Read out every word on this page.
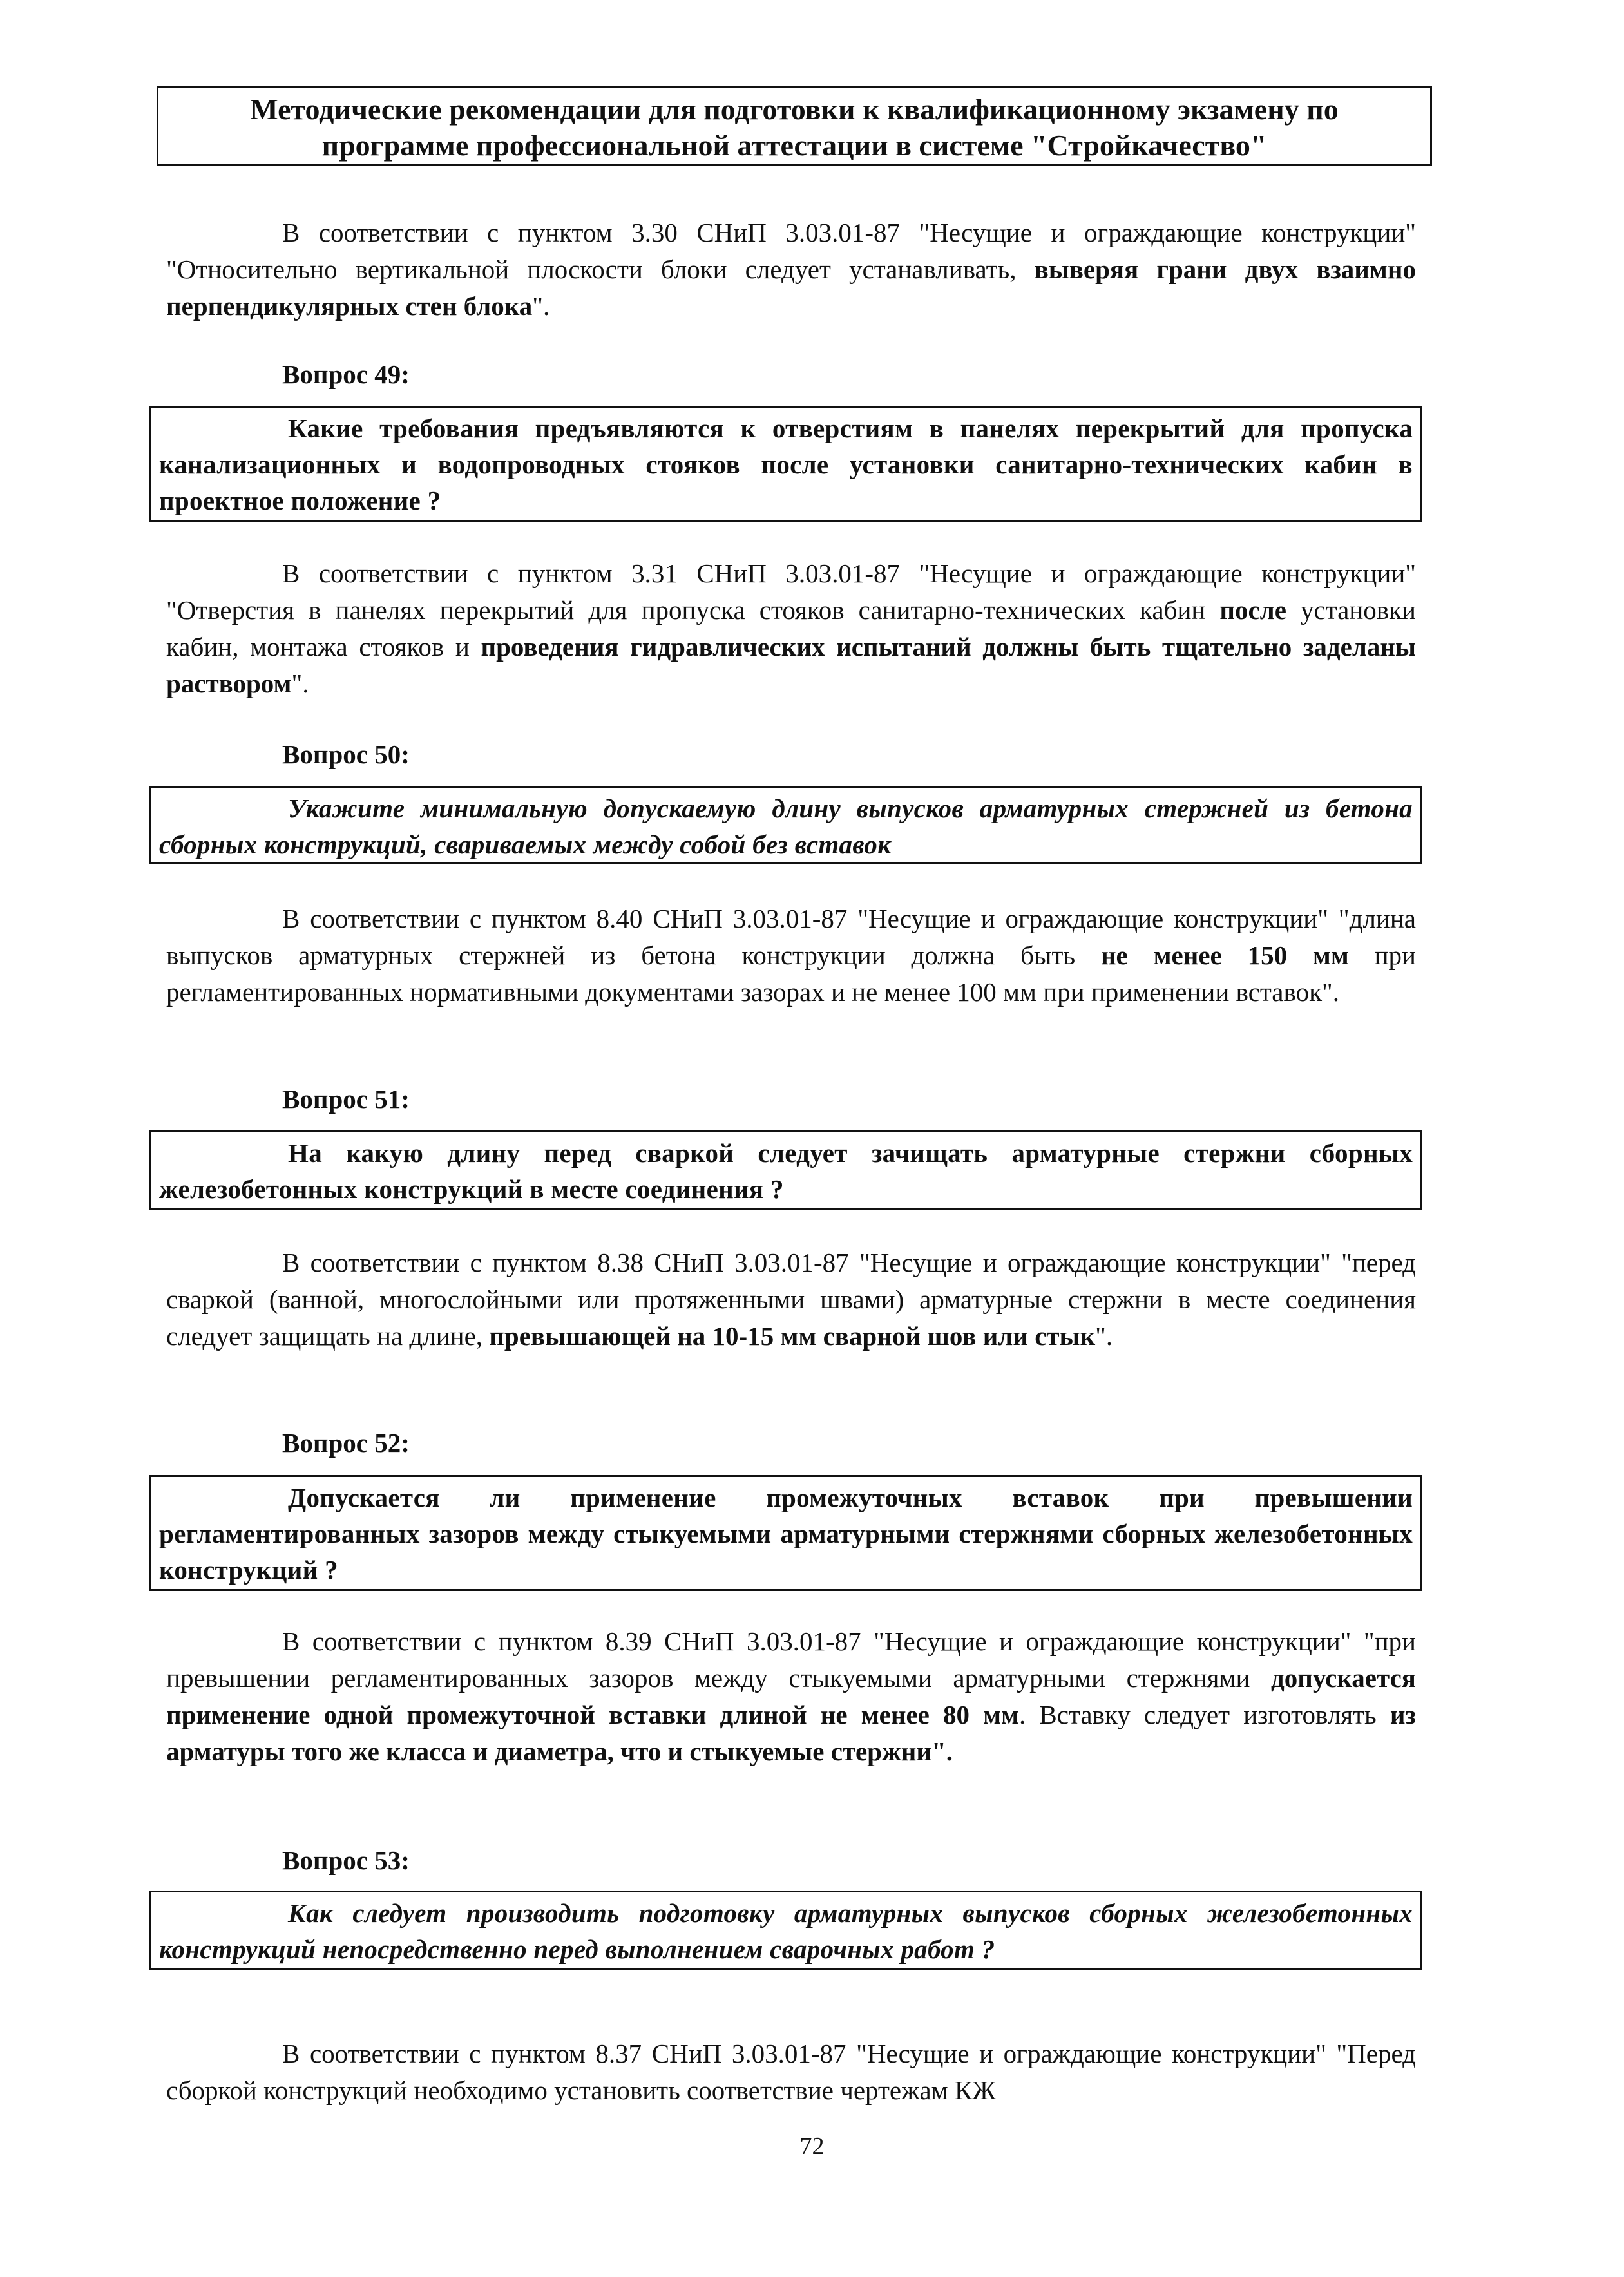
Методические рекомендации для подготовки к квалификационному экзамену по
программе профессиональной аттестации в системе "Стройкачество"
В соответствии с пунктом 3.30 СНиП 3.03.01-87 "Несущие и ограждающие конструкции" "Относительно вертикальной плоскости блоки следует устанавливать, выверяя грани двух взаимно перпендикулярных стен блока".
Вопрос 49:
Какие требования предъявляются к отверстиям в панелях перекрытий для пропуска канализационных и водопроводных стояков после установки санитарно-технических кабин в проектное положение ?
В соответствии с пунктом 3.31 СНиП 3.03.01-87 "Несущие и ограждающие конструкции" "Отверстия в панелях перекрытий для пропуска стояков санитарно-технических кабин после установки кабин, монтажа стояков и проведения гидравлических испытаний должны быть тщательно заделаны раствором".
Вопрос 50:
Укажите минимальную допускаемую длину выпусков арматурных стержней из бетона сборных конструкций, свариваемых между собой без вставок
В соответствии с пунктом 8.40 СНиП 3.03.01-87 "Несущие и ограждающие конструкции" "длина выпусков арматурных стержней из бетона конструкции должна быть не менее 150 мм при регламентированных нормативными документами зазорах и не менее 100 мм при применении вставок".
Вопрос 51:
На какую длину перед сваркой следует зачищать арматурные стержни сборных железобетонных конструкций в месте соединения ?
В соответствии с пунктом 8.38 СНиП 3.03.01-87 "Несущие и ограждающие конструкции" "перед сваркой (ванной, многослойными или протяженными швами) арматурные стержни в месте соединения следует защищать на длине, превышающей на 10-15 мм сварной шов или стык".
Вопрос 52:
Допускается ли применение промежуточных вставок при превышении регламентированных зазоров между стыкуемыми арматурными стержнями сборных железобетонных конструкций ?
В соответствии с пунктом 8.39 СНиП 3.03.01-87 "Несущие и ограждающие конструкции" "при превышении регламентированных зазоров между стыкуемыми арматурными стержнями допускается применение одной промежуточной вставки длиной не менее 80 мм. Вставку следует изготовлять из арматуры того же класса и диаметра, что и стыкуемые стержни".
Вопрос 53:
Как следует производить подготовку арматурных выпусков сборных железобетонных конструкций непосредственно перед выполнением сварочных работ ?
В соответствии с пунктом 8.37 СНиП 3.03.01-87 "Несущие и ограждающие конструкции" "Перед сборкой конструкций необходимо установить соответствие чертежам КЖ
72
